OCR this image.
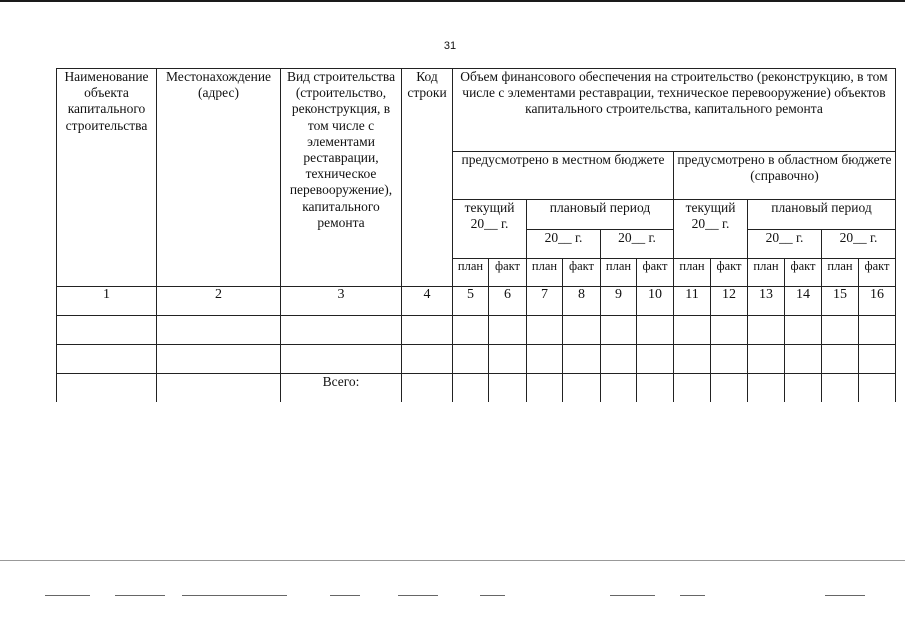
31
Наименование объекта капитального строительства	Местонахождение (адрес)	Вид строительства (строительство, реконструкция, в том числе с элементами реставрации, техническое перевооружение), капитального ремонта	Код строки	Объем финансового обеспечения на строительство (реконструкцию, в том числе с элементами реставрации, техническое перевооружение) объектов капитального строительства, капитального ремонта											
				предусмотрено в местном бюджете						предусмотрено в областном бюджете (справочно)					
				текущий 20__ г.		плановый период				текущий 20__ г.		плановый период			
						20__ г.		20__ г.				20__ г.		20__ г.	
				план	факт	план	факт	план	факт	план	факт	план	факт	план	факт
1	2	3	4	5	6	7	8	9	10	11	12	13	14	15	16

		Всего:													
